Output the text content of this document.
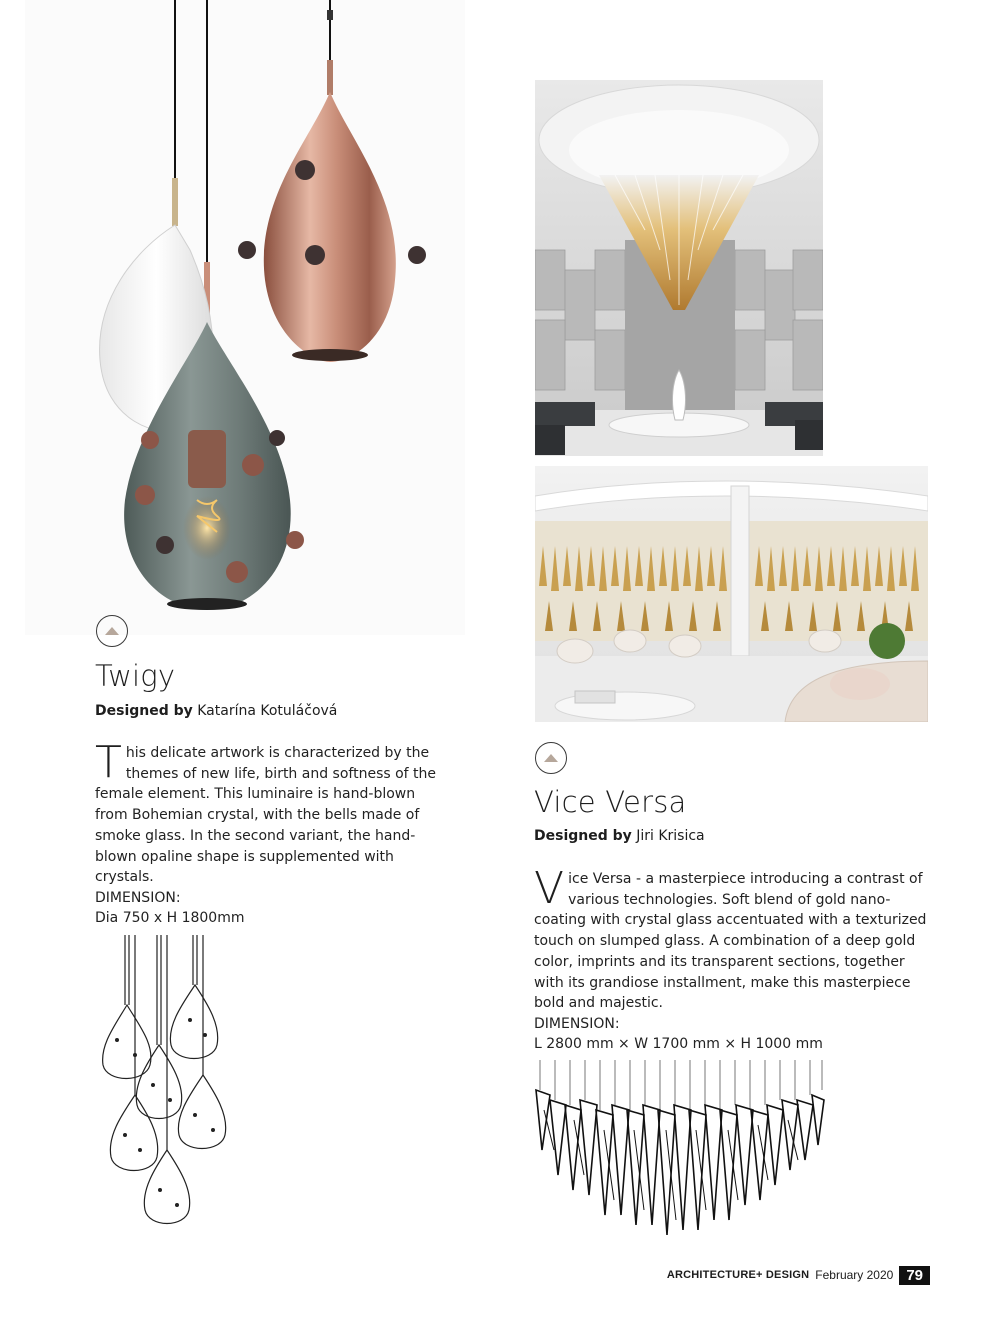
Twigy
Designed by Katarína Kotuláčová

This delicate artwork is characterized by the themes of new life, birth and softness of the female element. This luminaire is hand-blown from Bohemian crystal, with the bells made of smoke glass. In the second variant, the hand-blown opaline shape is supplemented with crystals.

DIMENSION:
Dia 750 x H 1800mm
Vice Versa
Designed by Jiri Krisica

Vice Versa - a masterpiece introducing a contrast of various technologies. Soft blend of gold nano-coating with crystal glass accentuated with a texturized touch on slumped glass. A combination of a deep gold color, imprints and its transparent sections, together with its grandiose installment, make this masterpiece bold and majestic.

DIMENSION:
L 2800 mm × W 1700 mm × H 1000 mm
ARCHITECTURE+ DESIGN February 2020 79
